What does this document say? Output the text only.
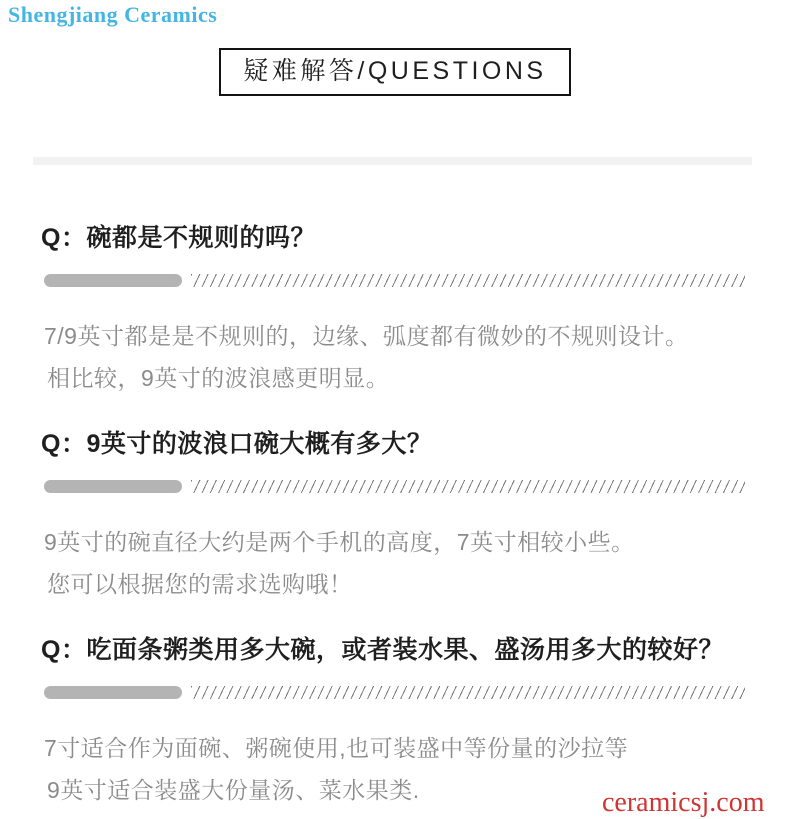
Shengjiang Ceramics
疑难解答/QUESTIONS
Q：碗都是不规则的吗？

7/9英寸都是是不规则的，边缘、弧度都有微妙的不规则设计。
相比较，9英寸的波浪感更明显。

Q：9英寸的波浪口碗大概有多大？

9英寸的碗直径大约是两个手机的高度，7英寸相较小些。
您可以根据您的需求选购哦！

Q：吃面条粥类用多大碗，或者装水果、盛汤用多大的较好？

7寸适合作为面碗、粥碗使用,也可装盛中等份量的沙拉等
9英寸适合装盛大份量汤、菜水果类.	ceramicsj.com
